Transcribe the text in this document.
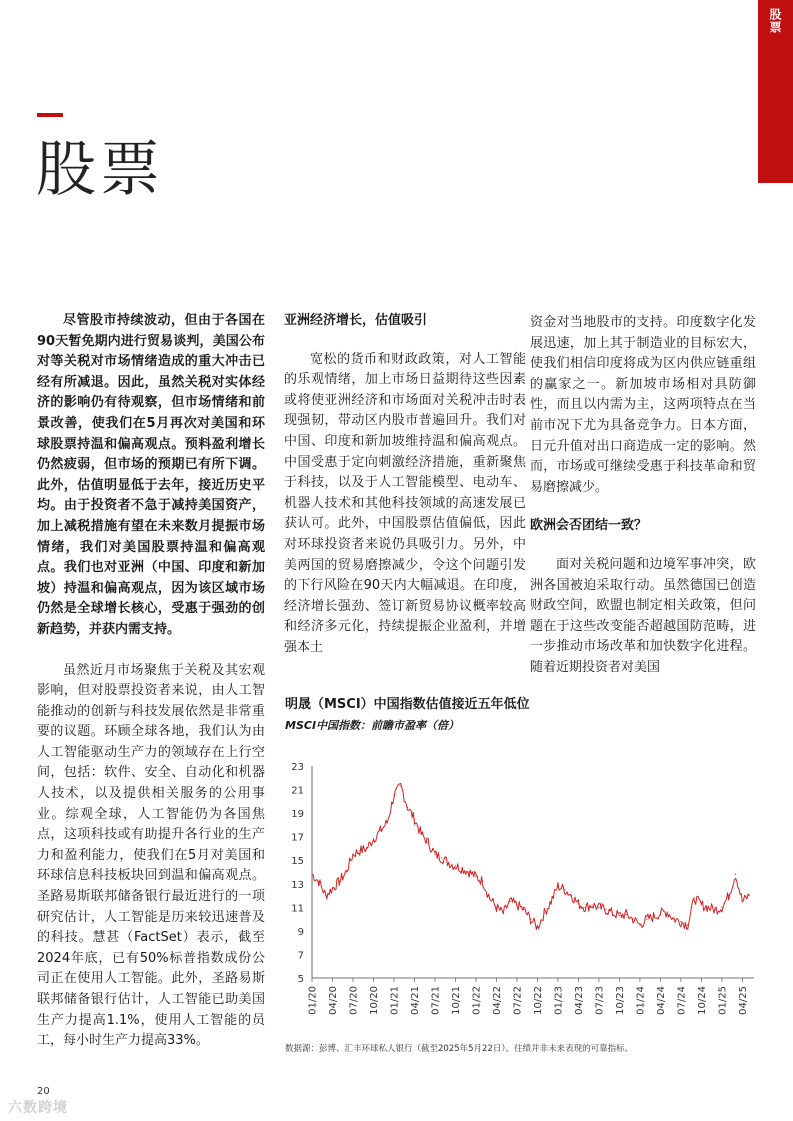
股票
股票

尽管股市持续波动，但由于各国在90天暂免期内进行贸易谈判，美国公布对等关税对市场情绪造成的重大冲击已经有所减退。因此，虽然关税对实体经济的影响仍有待观察，但市场情绪和前景改善，使我们在5月再次对美国和环球股票持温和偏高观点。预料盈利增长仍然疲弱，但市场的预期已有所下调。此外，估值明显低于去年，接近历史平均。由于投资者不急于减持美国资产，加上减税措施有望在未来数月提振市场情绪，我们对美国股票持温和偏高观点。我们也对亚洲（中国、印度和新加坡）持温和偏高观点，因为该区域市场仍然是全球增长核心，受惠于强劲的创新趋势，并获内需支持。

虽然近月市场聚焦于关税及其宏观影响，但对股票投资者来说，由人工智能推动的创新与科技发展依然是非常重要的议题。环顾全球各地，我们认为由人工智能驱动生产力的领域存在上行空间，包括：软件、安全、自动化和机器人技术，以及提供相关服务的公用事业。综观全球，人工智能仍为各国焦点，这项科技或有助提升各行业的生产力和盈利能力，使我们在5月对美国和环球信息科技板块回到温和偏高观点。圣路易斯联邦储备银行最近进行的一项研究估计，人工智能是历来较迅速普及的科技。慧甚（FactSet）表示，截至2024年底，已有50%标普指数成份公司正在使用人工智能。此外，圣路易斯联邦储备银行估计，人工智能已助美国生产力提高1.1%，使用人工智能的员工，每小时生产力提高33%。

亚洲经济增长，估值吸引

宽松的货币和财政政策，对人工智能的乐观情绪，加上市场日益期待这些因素或将使亚洲经济和市场面对关税冲击时表现强韧，带动区内股市普遍回升。我们对中国、印度和新加坡维持温和偏高观点。中国受惠于定向刺激经济措施，重新聚焦于科技，以及于人工智能模型、电动车、机器人技术和其他科技领域的高速发展已获认可。此外，中国股票估值偏低，因此对环球投资者来说仍具吸引力。另外，中美两国的贸易磨擦减少，令这个问题引发的下行风险在90天内大幅减退。在印度，经济增长强劲、签订新贸易协议概率较高和经济多元化，持续提振企业盈利，并增强本土

资金对当地股市的支持。印度数字化发展迅速，加上其于制造业的目标宏大，使我们相信印度将成为区内供应链重组的赢家之一。新加坡市场相对具防御性，而且以内需为主，这两项特点在当前市况下尤为具备竞争力。日本方面，日元升值对出口商造成一定的影响。然而，市场或可继续受惠于科技革命和贸易磨擦减少。

欧洲会否团结一致？

面对关税问题和边境军事冲突，欧洲各国被迫采取行动。虽然德国已创造财政空间，欧盟也制定相关政策，但问题在于这些改变能否超越国防范畴，进一步推动市场改革和加快数字化进程。随着近期投资者对美国

明晟（MSCI）中国指数估值接近五年低位

MSCI中国指数：前瞻市盈率（倍）

5
7
9
11
13
15
17
19
21
23
01/20 04/20 07/20 10/20 01/21 04/21 07/21 10/21 01/22 04/22 07/22 10/22 01/23 04/23 07/23 10/23 01/24 04/24 07/24 10/24 01/25 04/25

数据源：彭博、汇丰环球私人银行（截至2025年5月22日）。往绩并非未来表现的可靠指标。

20
六数跨境
